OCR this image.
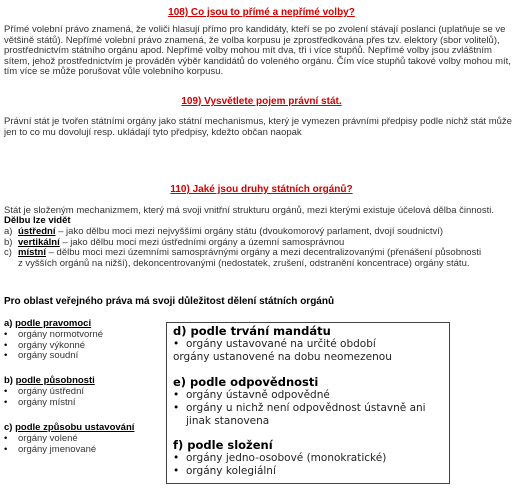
108) Co jsou to přímé a nepřímé volby?
Přímé volební právo znamená, že voliči hlasují přímo pro kandidáty, kteří se po zvolení stávají poslanci (uplatňuje se ve
většině států). Nepřímé volební právo znamená, že volba korpusu je zprostředkována přes tzv. elektory (sbor volitelů),
prostřednictvím státního orgánu apod. Nepřímé volby mohou mít dva, tři i více stupňů. Nepřímé volby jsou zvláštním
sítem, jehož prostřednictvím je prováděn výběr kandidátů do voleného orgánu. Čím více stupňů takové volby mohou mít,
tím více se může porušovat vůle volebního korpusu.
109) Vysvětlete pojem právní stát.
Právní stát je tvořen státními orgány jako státní mechanismus, který je vymezen právními předpisy podle nichž stát může
jen to co mu dovolují resp. ukládají tyto předpisy, kdežto občan naopak
110) Jaké jsou druhy státních orgánů?
Stát je složeným mechanizmem, který má svoji vnitřní strukturu orgánů, mezi kterými existuje účelová dělba činnosti.
Dělbu lze vidět
a) ústřední – jako dělbu moci mezi nejvyššími orgány státu (dvoukomorový parlament, dvojí soudnictví)
b) vertikální – jako dělbu moci mezi ústředními orgány a územní samosprávnou
c) místní – dělbu moci mezi územními samosprávnými orgány a mezi decentralizovanými (přenášení působnosti
z vyšších orgánů na nižší), dekoncentrovanými (nedostatek, zrušení, odstranění koncentrace) orgány státu.
Pro oblast veřejného práva má svoji důležitost dělení státních orgánů
a) podle pravomoci
• orgány normotvorné
• orgány výkonné
• orgány soudní
b) podle působnosti
• orgány ústřední
• orgány místní
c) podle způsobu ustavování
• orgány volené
• orgány jmenované
d) podle trvání mandátu
• orgány ustavované na určité období
orgány ustanovené na dobu neomezenou
e) podle odpovědnosti
• orgány ústavně odpovědné
• orgány u nichž není odpovědnost ústavně ani jinak stanovena
f) podle složení
• orgány jedno-osobové (monokratické)
• orgány kolegiální
